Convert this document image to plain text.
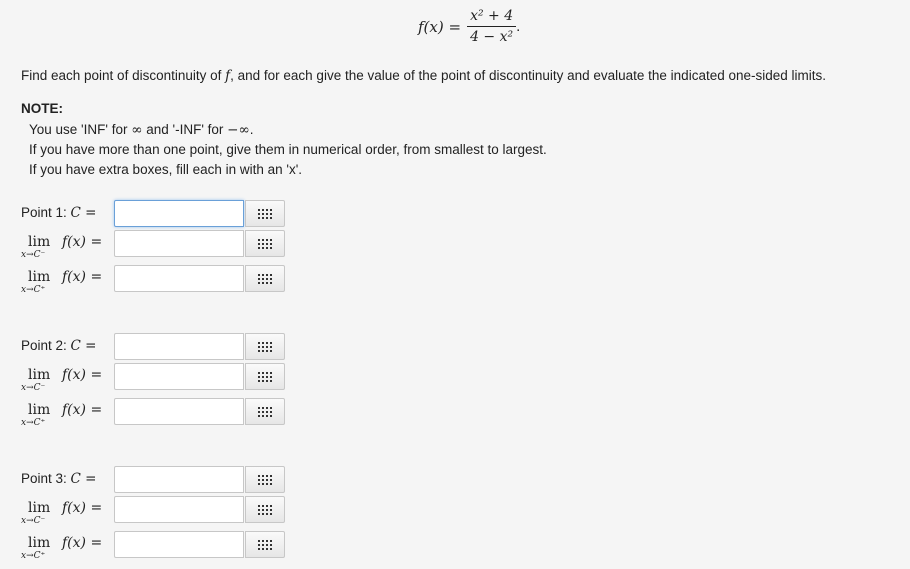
$f(x) = \frac{\text{x² + 4}}{\text{4 − x²}}$ .
Find each point of discontinuity of f, and for each give the value of the point of discontinuity and evaluate the indicated one-sided limits.
NOTE:
You use 'INF' for ∞ and '-INF' for −∞.
If you have more than one point, give them in numerical order, from smallest to largest.
If you have extra boxes, fill each in with an 'x'.
Point 1: C =
lim
x→C⁻
f(x) =
lim
x→C⁺
f(x) =
Point 2: C =
lim
x→C⁻
f(x) =
lim
x→C⁺
f(x) =
Point 3: C =
lim
x→C⁻
f(x) =
lim
x→C⁺
f(x) =
